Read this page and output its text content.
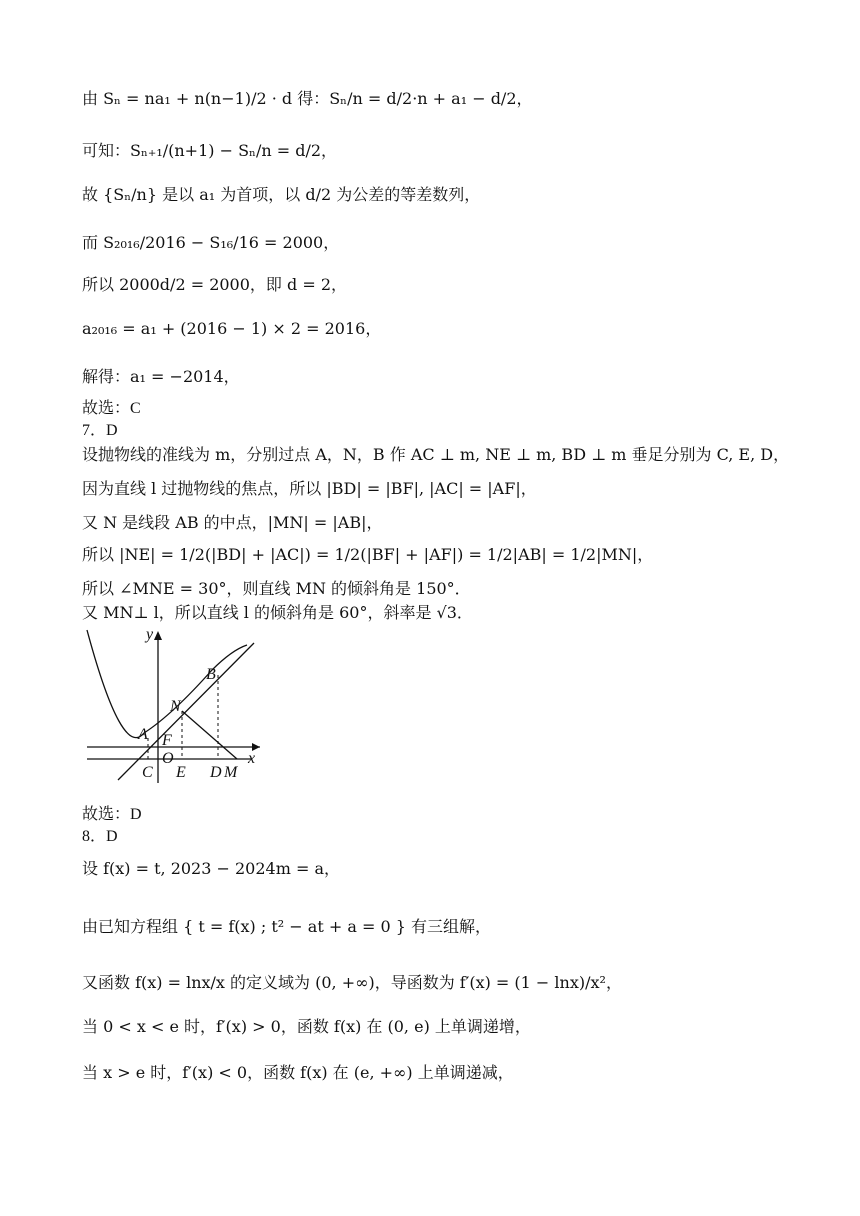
由 Sₙ = na₁ + n(n−1)/2 · d 得：Sₙ/n = d/2·n + a₁ − d/2，
可知：Sₙ₊₁/(n+1) − Sₙ/n = d/2，
故 {Sₙ/n} 是以 a₁ 为首项，以 d/2 为公差的等差数列，
而 S₂₀₁₆/2016 − S₁₆/16 = 2000，
所以 2000d/2 = 2000，即 d = 2，
a₂₀₁₆ = a₁ + (2016 − 1) × 2 = 2016，
解得：a₁ = −2014，
故选：C
7．D
设抛物线的准线为 m，分别过点 A，N，B 作 AC ⊥ m, NE ⊥ m, BD ⊥ m 垂足分别为 C, E, D，
因为直线 l 过抛物线的焦点，所以 |BD| = |BF|, |AC| = |AF|，
又 N 是线段 AB 的中点，|MN| = |AB|，
所以 |NE| = 1/2(|BD| + |AC|) = 1/2(|BF| + |AF|) = 1/2|AB| = 1/2|MN|，
所以 ∠MNE = 30°，则直线 MN 的倾斜角是 150°．
又 MN⊥ l，所以直线 l 的倾斜角是 60°，斜率是 √3．
y
B
N
A F
O	x
C E D M
故选：D
8．D
设 f(x) = t, 2023 − 2024m = a，
由已知方程组 { t = f(x) ; t² − at + a = 0 } 有三组解，
又函数 f(x) = lnx/x 的定义域为 (0, +∞)，导函数为 f′(x) = (1 − lnx)/x²，
当 0 < x < e 时，f′(x) > 0，函数 f(x) 在 (0, e) 上单调递增，
当 x > e 时，f′(x) < 0，函数 f(x) 在 (e, +∞) 上单调递减，
